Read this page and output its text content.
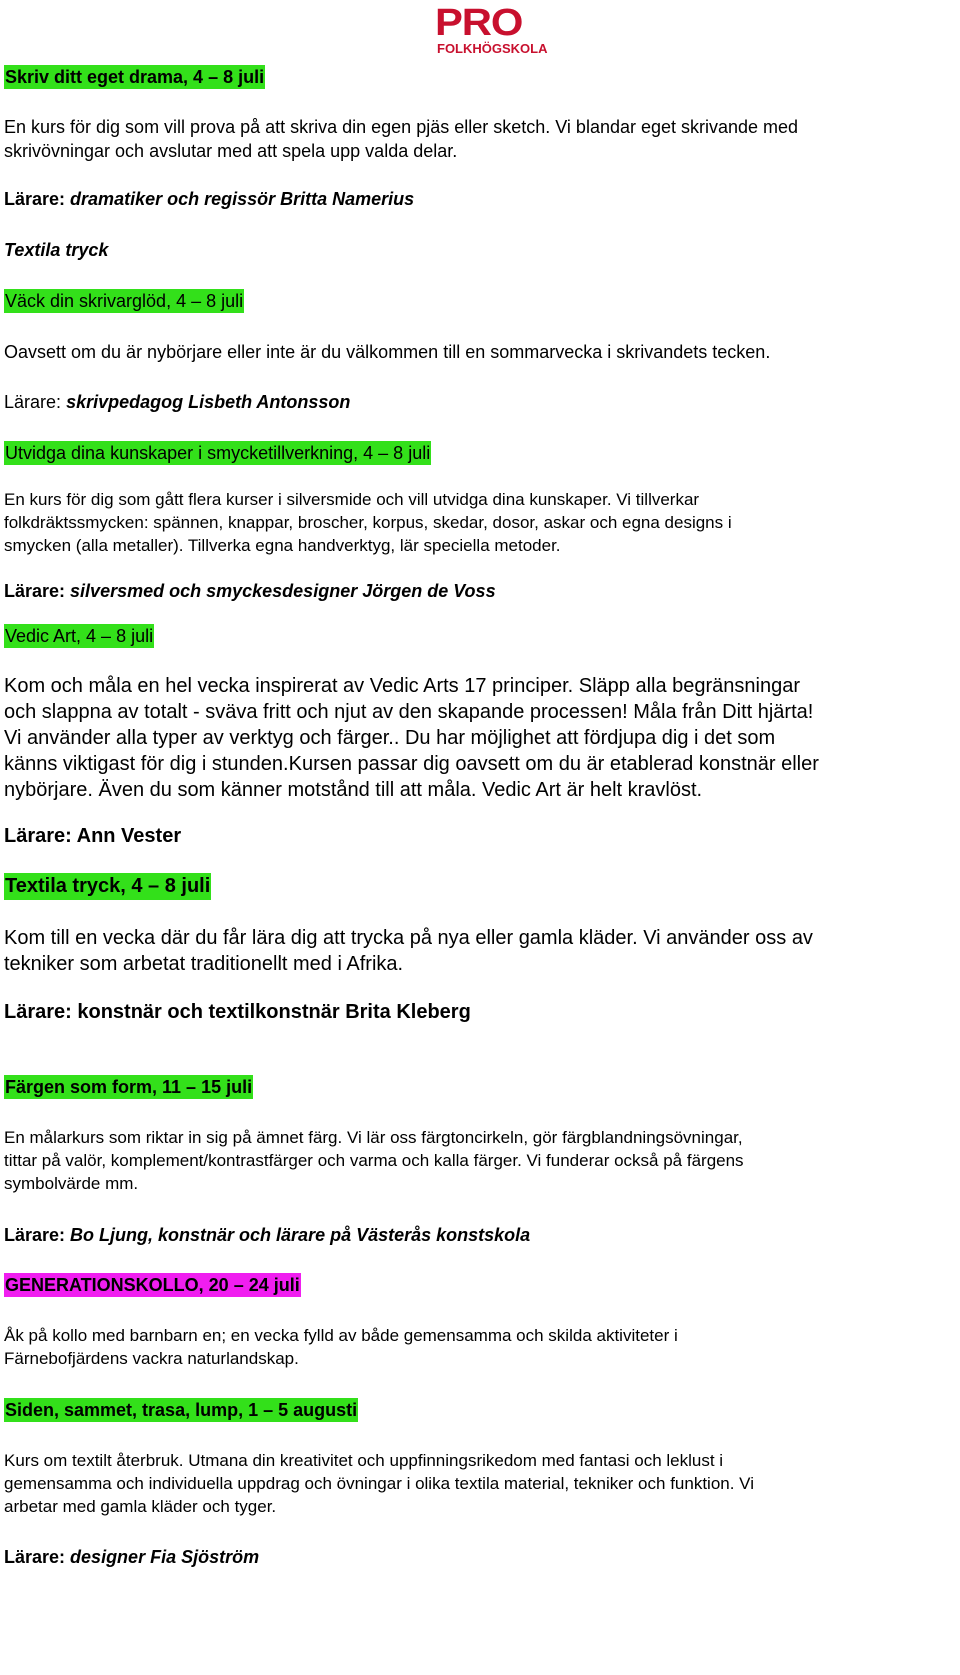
PRO
FOLKHÖGSKOLA
Skriv ditt eget drama, 4 – 8 juli
En kurs för dig som vill prova på att skriva din egen pjäs eller sketch. Vi blandar eget skrivande med
skrivövningar och avslutar med att spela upp valda delar.
Lärare: dramatiker och regissör Britta Namerius
Textila tryck
Väck din skrivarglöd, 4 – 8 juli
Oavsett om du är nybörjare eller inte är du välkommen till en sommarvecka i skrivandets tecken.
Lärare: skrivpedagog Lisbeth Antonsson
Utvidga dina kunskaper i smycketillverkning, 4 – 8 juli
En kurs för dig som gått flera kurser i silversmide och vill utvidga dina kunskaper. Vi tillverkar
folkdräktssmycken: spännen, knappar, broscher, korpus, skedar, dosor, askar och egna designs i
smycken (alla metaller). Tillverka egna handverktyg, lär speciella metoder.
Lärare: silversmed och smyckesdesigner Jörgen de Voss
Vedic Art, 4 – 8 juli
Kom och måla en hel vecka inspirerat av Vedic Arts 17 principer. Släpp alla begränsningar
och slappna av totalt - sväva fritt och njut av den skapande processen! Måla från Ditt hjärta!
Vi använder alla typer av verktyg och färger.. Du har möjlighet att fördjupa dig i det som
känns viktigast för dig i stunden.Kursen passar dig oavsett om du är etablerad konstnär eller
nybörjare. Även du som känner motstånd till att måla. Vedic Art är helt kravlöst.
Lärare: Ann Vester
Textila tryck, 4 – 8 juli
Kom till en vecka där du får lära dig att trycka på nya eller gamla kläder. Vi använder oss av
tekniker som arbetat traditionellt med i Afrika.
Lärare: konstnär och textilkonstnär Brita Kleberg
Färgen som form, 11 – 15 juli
En målarkurs som riktar in sig på ämnet färg. Vi lär oss färgtoncirkeln, gör färgblandningsövningar,
tittar på valör, komplement/kontrastfärger och varma och kalla färger. Vi funderar också på färgens
symbolvärde mm.
Lärare: Bo Ljung, konstnär och lärare på Västerås konstskola
GENERATIONSKOLLO, 20 – 24 juli
Åk på kollo med barnbarn en; en vecka fylld av både gemensamma och skilda aktiviteter i
Färnebofjärdens vackra naturlandskap.
Siden, sammet, trasa, lump, 1 – 5 augusti
Kurs om textilt återbruk. Utmana din kreativitet och uppfinningsrikedom med fantasi och leklust i
gemensamma och individuella uppdrag och övningar i olika textila material, tekniker och funktion. Vi
arbetar med gamla kläder och tyger.
Lärare: designer Fia Sjöström
